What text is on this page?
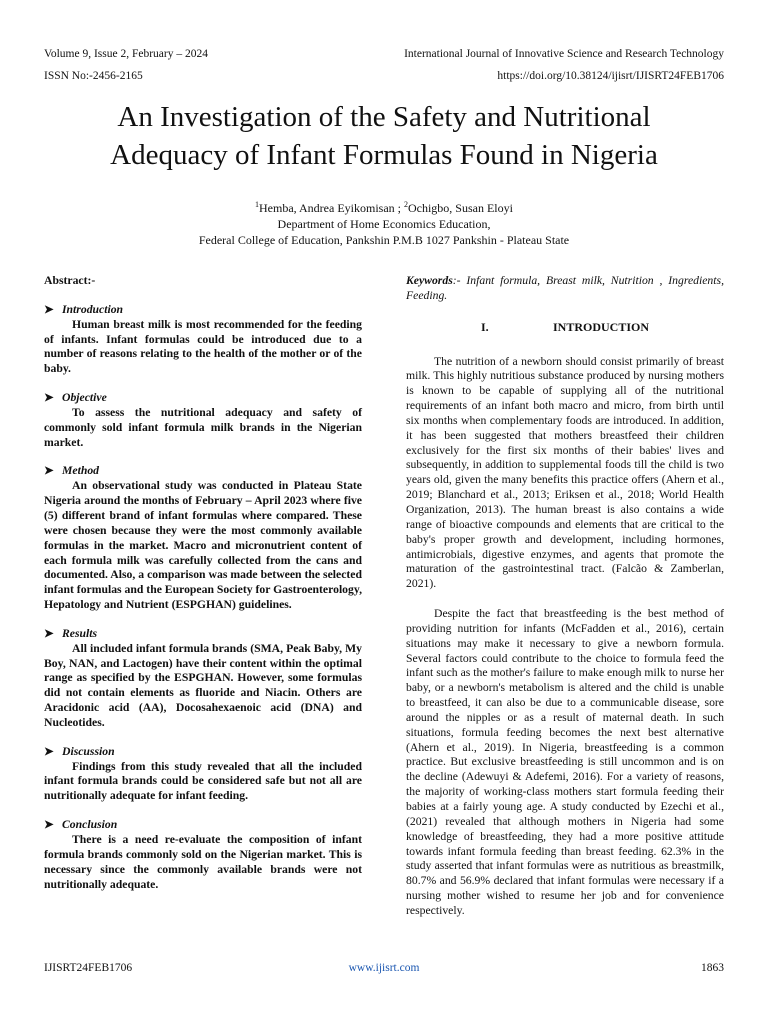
Volume 9, Issue 2, February – 2024	International Journal of Innovative Science and Research Technology
ISSN No:-2456-2165	https://doi.org/10.38124/ijisrt/IJISRT24FEB1706
An Investigation of the Safety and Nutritional Adequacy of Infant Formulas Found in Nigeria
$^1$Hemba, Andrea Eyikomisan ; $^2$Ochigbo, Susan Eloyi
Department of Home Economics Education,
Federal College of Education, Pankshin P.M.B 1027 Pankshin - Plateau State

Abstract:-

➤ Introduction

Human breast milk is most recommended for the feeding of infants. Infant formulas could be introduced due to a number of reasons relating to the health of the mother or of the baby.

➤ Objective

To assess the nutritional adequacy and safety of commonly sold infant formula milk brands in the Nigerian market.

➤ Method

An observational study was conducted in Plateau State Nigeria around the months of February – April 2023 where five (5) different brand of infant formulas where compared. These were chosen because they were the most commonly available formulas in the market. Macro and micronutrient content of each formula milk was carefully collected from the cans and documented. Also, a comparison was made between the selected infant formulas and the European Society for Gastroenterology, Hepatology and Nutrient (ESPGHAN) guidelines.

➤ Results

All included infant formula brands (SMA, Peak Baby, My Boy, NAN, and Lactogen) have their content within the optimal range as specified by the ESPGHAN. However, some formulas did not contain elements as fluoride and Niacin. Others are Aracidonic acid (AA), Docosahexaenoic acid (DNA) and Nucleotides.

➤ Discussion

Findings from this study revealed that all the included infant formula brands could be considered safe but not all are nutritionally adequate for infant feeding.

➤ Conclusion

There is a need re-evaluate the composition of infant formula brands commonly sold on the Nigerian market. This is necessary since the commonly available brands were not nutritionally adequate.

Keywords:- Infant formula, Breast milk, Nutrition , Ingredients, Feeding.

I.	INTRODUCTION

The nutrition of a newborn should consist primarily of breast milk. This highly nutritious substance produced by nursing mothers is known to be capable of supplying all of the nutritional requirements of an infant both macro and micro, from birth until six months when complementary foods are introduced. In addition, it has been suggested that mothers breastfeed their children exclusively for the first six months of their babies' lives and subsequently, in addition to supplemental foods till the child is two years old, given the many benefits this practice offers (Ahern et al., 2019; Blanchard et al., 2013; Eriksen et al., 2018; World Health Organization, 2013). The human breast is also contains a wide range of bioactive compounds and elements that are critical to the baby's proper growth and development, including hormones, antimicrobials, digestive enzymes, and agents that promote the maturation of the gastrointestinal tract. (Falcão & Zamberlan, 2021).

Despite the fact that breastfeeding is the best method of providing nutrition for infants (McFadden et al., 2016), certain situations may make it necessary to give a newborn formula. Several factors could contribute to the choice to formula feed the infant such as the mother's failure to make enough milk to nurse her baby, or a newborn's metabolism is altered and the child is unable to breastfeed, it can also be due to a communicable disease, sore around the nipples or as a result of maternal death. In such situations, formula feeding becomes the next best alternative (Ahern et al., 2019). In Nigeria, breastfeeding is a common practice. But exclusive breastfeeding is still uncommon and is on the decline (Adewuyi & Adefemi, 2016). For a variety of reasons, the majority of working-class mothers start formula feeding their babies at a fairly young age. A study conducted by Ezechi et al., (2021) revealed that although mothers in Nigeria had some knowledge of breastfeeding, they had a more positive attitude towards infant formula feeding than breast feeding. 62.3% in the study asserted that infant formulas were as nutritious as breastmilk, 80.7% and 56.9% declared that infant formulas were necessary if a nursing mother wished to resume her job and for convenience respectively.

IJISRT24FEB1706	www.ijisrt.com	1863
